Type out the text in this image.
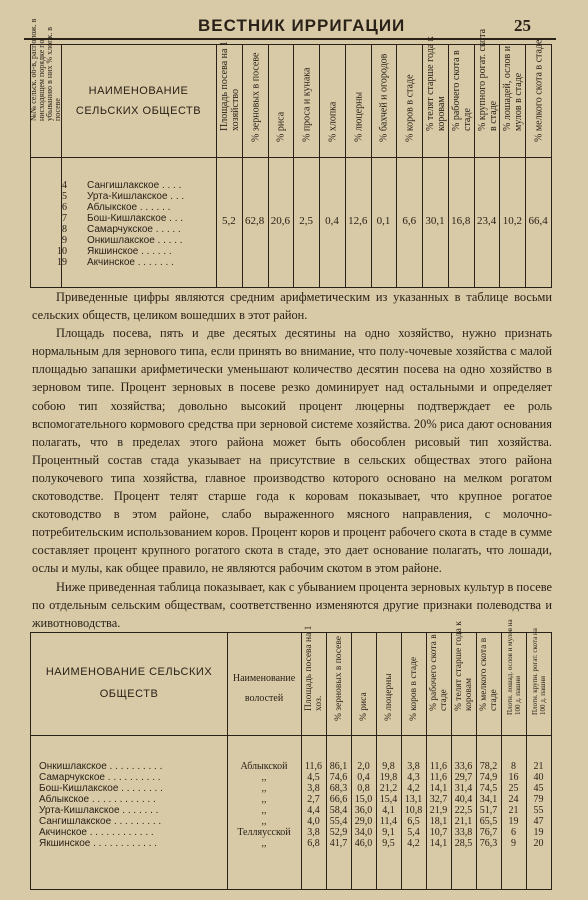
ВЕСТНИК ИРРИГАЦИИ	25
№№ сельск. об-в, располож. в нисходящем порядке по убыванию в них % хлопк. в посеве
НАИМЕНОВАНИЕ СЕЛЬСКИХ ОБЩЕСТВ	Площадь посева на 1 хозяйство % зерновых в посеве % риса % проса и кунака % хлопка % люцерны % бахчей и огородов % коров в стаде % телят старше года к коровам % рабочего скота в стаде % крупного рогат. скота в стаде % лошадей, ослов и мулов в стаде % мелкого скота в стаде
4 Сангишлакское . . . .
5 Урта-Кишлакское . . .
6 Аблыкское . . . . . .
7 Бош-Кишлакское . . .
8 Самарчукское . . . . .
9 Онкишлакское . . . . .
10 Якшинское . . . . . .
19 Акчинское . . . . . . .
5,2 62,8 20,6 2,5	0,4 12,6 0,1	6,6 30,1 16,8 23,4 10,2 66,4

Приведенные цифры являются средним арифметическим из указанных в таблице восьми сельских обществ, целиком вошедших в этот район.

Площадь посева, пять и две десятых десятины на одно хозяйство, нужно признать нормальным для зернового типа, если принять во внимание, что полу-чочевые хозяйства с малой площадью запашки арифметически уменьшают количество десятин посева на одно хозяйство в зерновом типе. Процент зерновых в посеве резко доминирует над остальными и определяет собою тип хозяйства; довольно высокий процент люцерны подтверждает ее роль вспомогательного кормового средства при зерновой системе хозяйства. 20% риса дают основания полагать, что в пределах этого района может быть обособлен рисовый тип хозяйства. Процентный состав стада указывает на присутствие в сельских обществах этого района полукочевого типа хозяйства, главное производство которого основано на мелком рогатом скотоводстве. Процент телят старше года к коровам показывает, что крупное рогатое скотоводство в этом районе, слабо выраженного мясного направления, с молочно-потребительским использованием коров. Процент коров и процент рабочего скота в стаде в сумме составляет процент крупного рогатого скота в стаде, это дает основание полагать, что лошади, ослы и мулы, как общее правило, не являются рабочим скотом в этом районе.

Ниже приведенная таблица показывает, как с убыванием процента зерновых культур в посеве по отдельным сельским обществам, соответственно изменяются другие признаки полеводства и животноводства.

НАИМЕНОВАНИЕ СЕЛЬСКИХ ОБЩЕСТВ
Наименование волостей	Площадь посева на 1 хоз. % зерновых в посеве % риса % люцерны % коров в стаде % рабочего скота в стаде % телят старше года к коровам % мелкого скота в стаде Плотн. лошад. ослов и мулов на 100 д. пашни Плотн. крупн. рогат. скота на 100 д. пашни
Онкишлакское . . . . . . . . . .	Аблыкской	11,6 86,1	2,0	9,8	3,8	11,6 33,6 78,2	8	21
Самарчукское . . . . . . . . . .	,,	4,5	74,6	0,4	19,8	4,3	11,6 29,7 74,9	16	40
Бош-Кишлакское . . . . . . . .	,,	3,8	68,3	0,8	21,2	4,2	14,1 31,4 74,5	25	45
Аблыкское . . . . . . . . . . . .	,,	2,7	66,6 15,0 15,4 13,1 32,7 40,4 34,1	24	79
Урта-Кишлакское . . . . . . .	,,	4,4	58,4 36,0	4,1	10,8 21,9 22,5 51,7	21	55
Сангишлакское . . . . . . . . .	,,	4,0	55,4 29,0 11,4	6,5	18,1 21,1 65,5	19	47
Акчинское . . . . . . . . . . . .	Телляусской	3,8	52,9 34,0	9,1	5,4	10,7 33,8 76,7	6	19
Якшинское . . . . . . . . . . . .	,,	6,8	41,7 46,0	9,5	4,2	14,1 28,5 76,3	9	20
